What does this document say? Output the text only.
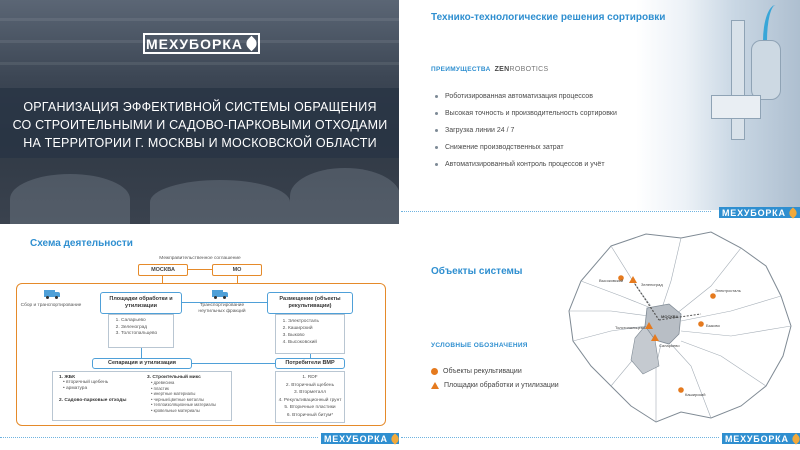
МЕХУБОРКА
ОРГАНИЗАЦИЯ ЭФФЕКТИВНОЙ СИСТЕМЫ ОБРАЩЕНИЯ
СО СТРОИТЕЛЬНЫМИ И САДОВО-ПАРКОВЫМИ ОТХОДАМИ
НА ТЕРРИТОРИИ Г. МОСКВЫ И МОСКОВСКОЙ ОБЛАСТИ
Технико-технологические решения сортировки
ПРЕИМУЩЕСТВА ZENROBOTICS
Роботизированная автоматизация процессов
Высокая точность и производительность сортировки
Загрузка линии 24 / 7
Снижение производственных затрат
Автоматизированный контроль процессов и учёт
МЕХУБОРКА
Схема деятельности
Межправительственное соглашение
МОСКВА	МО
Сбор и транспортирование
Площадки обработки и утилизации
1. Саларьево
2. Зеленоград
3. Толстопальцево
Транспортирование неутильных фракций
Размещение (объекты рекультивации)
1. Электросталь
2. Каширский
3. Быково
4. Высоковский
Сепарация и утилизация	Потребители ВМР
1. ЖБК
• вторичный щебень
• арматура
2. Садово-парковые отходы
3. Строительный микс
• древесина
• пластик
• инертные материалы
• черные/цветные металлы
• теплоизоляционные материалы
• кровельные материалы
1. RDF
2. Вторичный щебень
3. Вторметалл
4. Рекультивационный грунт
5. Вторичные пластики
6. Вторичный битум*
МЕХУБОРКА
Объекты системы
УСЛОВНЫЕ ОБОЗНАЧЕНИЯ
Объекты рекультивации
Площадки обработки и утилизации
Высоковский
Зеленоград
Электросталь
МОСКВА
Толстопальцево
Саларьево
Быково
Каширский
МЕХУБОРКА
